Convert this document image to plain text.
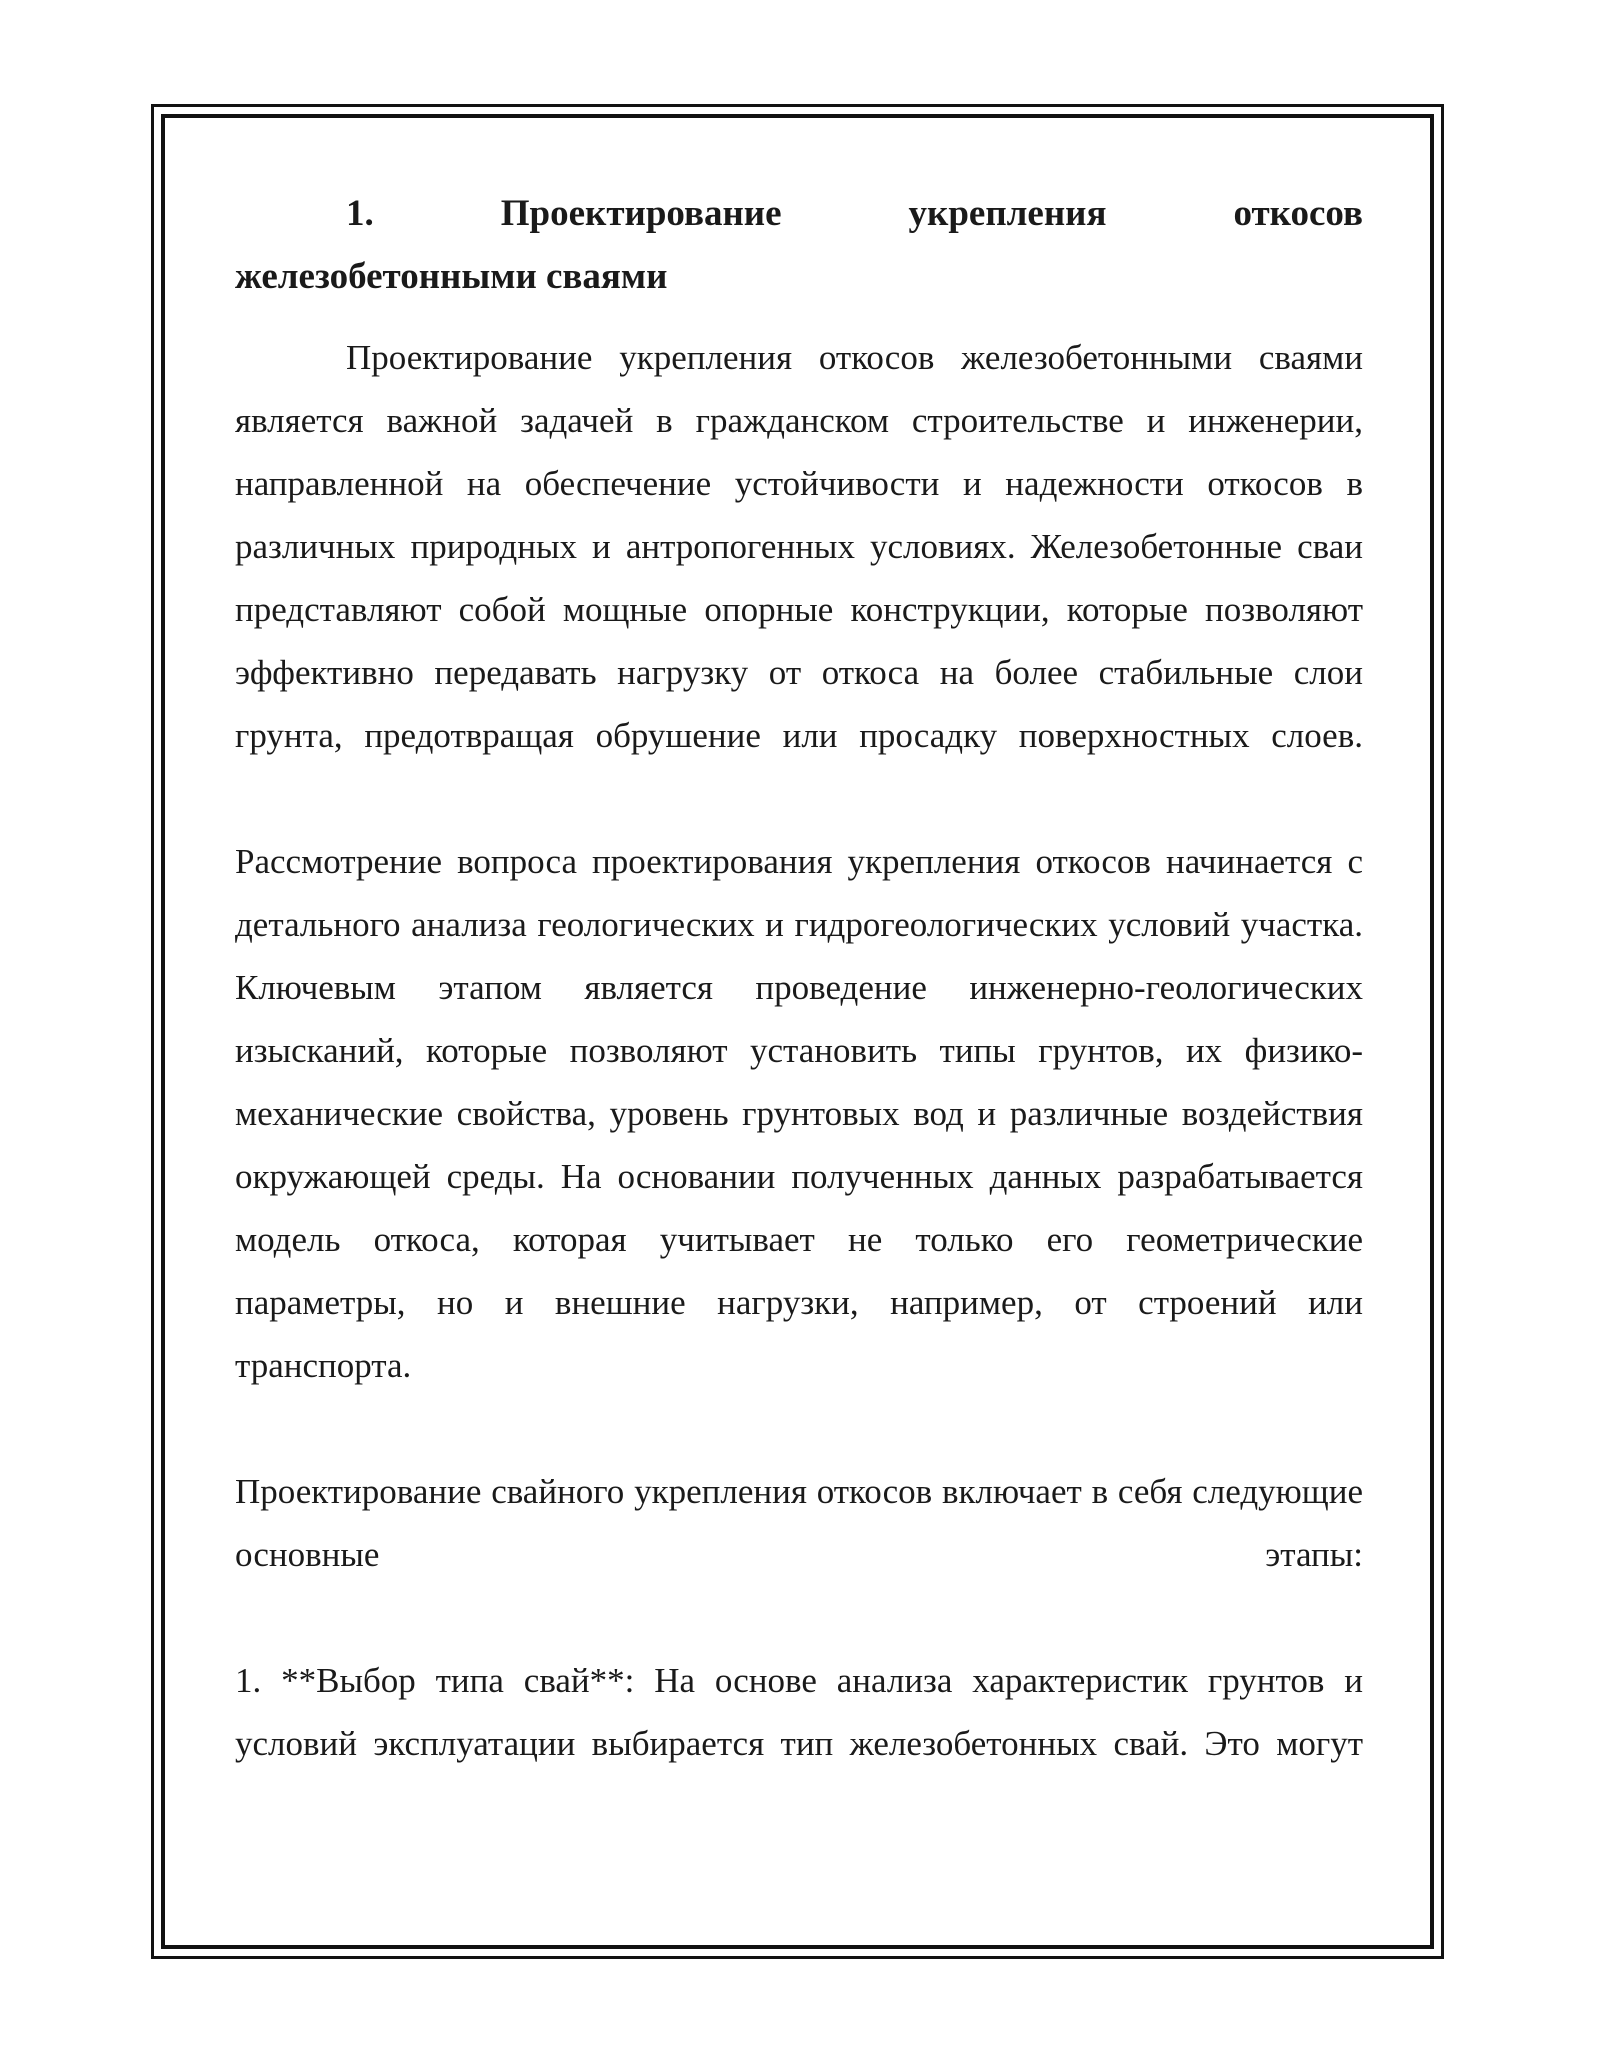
1.	Проектирование	укрепления	откосов
железобетонными сваями

Проектирование укрепления откосов железобетонными сваями является важной задачей в гражданском строительстве и инженерии, направленной на обеспечение устойчивости и надежности откосов в различных природных и антропогенных условиях. Железобетонные сваи представляют собой мощные опорные конструкции, которые позволяют эффективно передавать нагрузку от откоса на более стабильные слои грунта, предотвращая обрушение или просадку поверхностных слоев.

Рассмотрение вопроса проектирования укрепления откосов начинается с детального анализа геологических и гидрогеологических условий участка. Ключевым этапом является проведение инженерно-геологических изысканий, которые позволяют установить типы грунтов, их физико-механические свойства, уровень грунтовых вод и различные воздействия окружающей среды. На основании полученных данных разрабатывается модель откоса, которая учитывает не только его геометрические параметры, но и внешние нагрузки, например, от строений или транспорта.

Проектирование свайного укрепления откосов включает в себя следующие основные этапы:

1. **Выбор типа свай**: На основе анализа характеристик грунтов и условий эксплуатации выбирается тип железобетонных свай. Это могут
